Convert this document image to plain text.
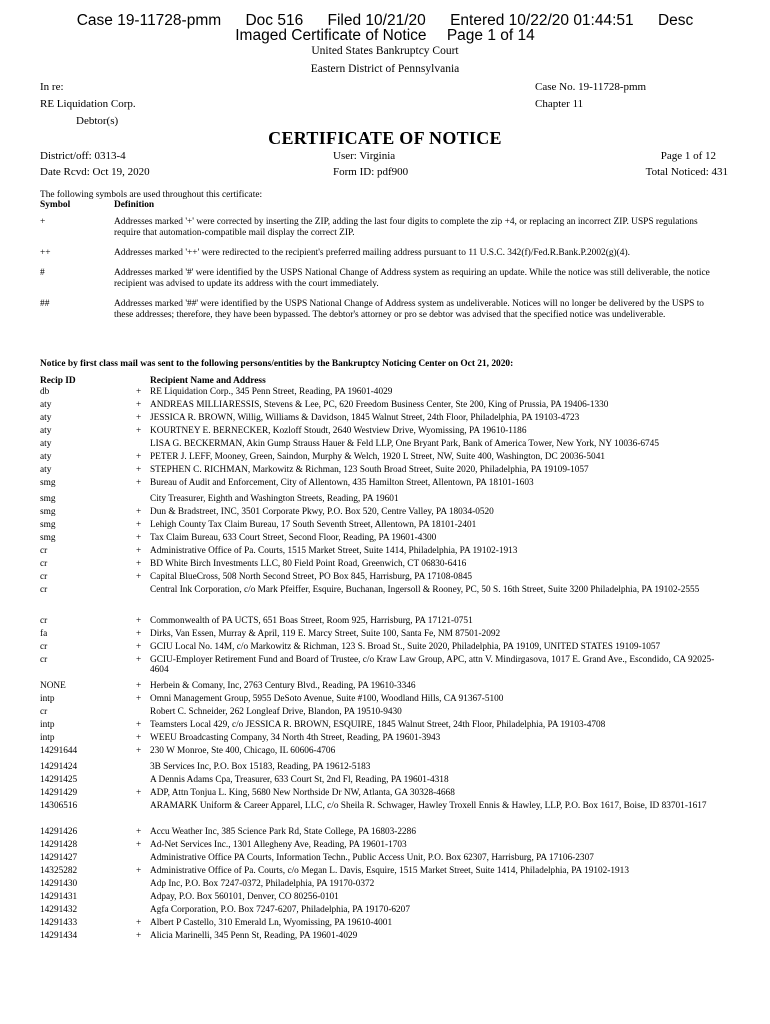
Case 19-11728-pmm Doc 516 Filed 10/21/20 Entered 10/22/20 01:44:51 Desc
Imaged Certificate of Notice Page 1 of 14
United States Bankruptcy Court
Eastern District of Pennsylvania
In re:
RE Liquidation Corp.
Debtor(s)
Case No. 19-11728-pmm
Chapter 11
CERTIFICATE OF NOTICE
District/off: 0313-4
Date Rcvd: Oct 19, 2020
User: Virginia
Form ID: pdf900
Page 1 of 12
Total Noticed: 431
The following symbols are used throughout this certificate:
Symbol	Definition
+	Addresses marked '+' were corrected by inserting the ZIP, adding the last four digits to complete the zip +4, or replacing an incorrect ZIP. USPS regulations require that automation-compatible mail display the correct ZIP.
++	Addresses marked '++' were redirected to the recipient's preferred mailing address pursuant to 11 U.S.C. 342(f)/Fed.R.Bank.P.2002(g)(4).
#	Addresses marked '#' were identified by the USPS National Change of Address system as requiring an update. While the notice was still deliverable, the notice recipient was advised to update its address with the court immediately.
##	Addresses marked '##' were identified by the USPS National Change of Address system as undeliverable. Notices will no longer be delivered by the USPS to these addresses; therefore, they have been bypassed. The debtor's attorney or pro se debtor was advised that the specified notice was undeliverable.
Notice by first class mail was sent to the following persons/entities by the Bankruptcy Noticing Center on Oct 21, 2020:
Recip ID	Recipient Name and Address
db	+ RE Liquidation Corp., 345 Penn Street, Reading, PA 19601-4029
aty	+ ANDREAS MILLIARESSIS, Stevens & Lee, PC, 620 Freedom Business Center, Ste 200, King of Prussia, PA 19406-1330
aty	+ JESSICA R. BROWN, Willig, Williams & Davidson, 1845 Walnut Street, 24th Floor, Philadelphia, PA 19103-4723
aty	+ KOURTNEY E. BERNECKER, Kozloff Stoudt, 2640 Westview Drive, Wyomissing, PA 19610-1186
aty	LISA G. BECKERMAN, Akin Gump Strauss Hauer & Feld LLP, One Bryant Park, Bank of America Tower, New York, NY 10036-6745
aty	+ PETER J. LEFF, Mooney, Green, Saindon, Murphy & Welch, 1920 L Street, NW, Suite 400, Washington, DC 20036-5041
aty	+ STEPHEN C. RICHMAN, Markowitz & Richman, 123 South Broad Street, Suite 2020, Philadelphia, PA 19109-1057
smg	+ Bureau of Audit and Enforcement, City of Allentown, 435 Hamilton Street, Allentown, PA 18101-1603
smg	City Treasurer, Eighth and Washington Streets, Reading, PA 19601
smg	+ Dun & Bradstreet, INC, 3501 Corporate Pkwy, P.O. Box 520, Centre Valley, PA 18034-0520
smg	+ Lehigh County Tax Claim Bureau, 17 South Seventh Street, Allentown, PA 18101-2401
smg	+ Tax Claim Bureau, 633 Court Street, Second Floor, Reading, PA 19601-4300
cr	+ Administrative Office of Pa. Courts, 1515 Market Street, Suite 1414, Philadelphia, PA 19102-1913
cr	+ BD White Birch Investments LLC, 80 Field Point Road, Greenwich, CT 06830-6416
cr	+ Capital BlueCross, 508 North Second Street, PO Box 845, Harrisburg, PA 17108-0845
cr	Central Ink Corporation, c/o Mark Pfeiffer, Esquire, Buchanan, Ingersoll & Rooney, PC, 50 S. 16th Street, Suite 3200 Philadelphia, PA 19102-2555
cr	+ Commonwealth of PA UCTS, 651 Boas Street, Room 925, Harrisburg, PA 17121-0751
fa	+ Dirks, Van Essen, Murray & April, 119 E. Marcy Street, Suite 100, Santa Fe, NM 87501-2092
cr	+ GCIU Local No. 14M, c/o Markowitz & Richman, 123 S. Broad St., Suite 2020, Philadelphia, PA 19109, UNITED STATES 19109-1057
cr	+ GCIU-Employer Retirement Fund and Board of Trustee, c/o Kraw Law Group, APC, attn V. Mindirgasova, 1017 E. Grand Ave., Escondido, CA 92025-4604
NONE	+ Herbein & Comany, Inc, 2763 Century Blvd., Reading, PA 19610-3346
intp	+ Omni Management Group, 5955 DeSoto Avenue, Suite #100, Woodland Hills, CA 91367-5100
cr	Robert C. Schneider, 262 Longleaf Drive, Blandon, PA 19510-9430
intp	+ Teamsters Local 429, c/o JESSICA R. BROWN, ESQUIRE, 1845 Walnut Street, 24th Floor, Philadelphia, PA 19103-4708
intp	+ WEEU Broadcasting Company, 34 North 4th Street, Reading, PA 19601-3943
14291644	+ 230 W Monroe, Ste 400, Chicago, IL 60606-4706
14291424	3B Services Inc, P.O. Box 15183, Reading, PA 19612-5183
14291425	A Dennis Adams Cpa, Treasurer, 633 Court St, 2nd Fl, Reading, PA 19601-4318
14291429	+ ADP, Attn Tonjua L. King, 5680 New Northside Dr NW, Atlanta, GA 30328-4668
14306516	ARAMARK Uniform & Career Apparel, LLC, c/o Sheila R. Schwager, Hawley Troxell Ennis & Hawley, LLP, P.O. Box 1617, Boise, ID 83701-1617
14291426	+ Accu Weather Inc, 385 Science Park Rd, State College, PA 16803-2286
14291428	+ Ad-Net Services Inc., 1301 Allegheny Ave, Reading, PA 19601-1703
14291427	Administrative Office PA Courts, Information Techn., Public Access Unit, P.O. Box 62307, Harrisburg, PA 17106-2307
14325282	+ Administrative Office of Pa. Courts, c/o Megan L. Davis, Esquire, 1515 Market Street, Suite 1414, Philadelphia, PA 19102-1913
14291430	Adp Inc, P.O. Box 7247-0372, Philadelphia, PA 19170-0372
14291431	Adpay, P.O. Box 560101, Denver, CO 80256-0101
14291432	Agfa Corporation, P.O. Box 7247-6207, Philadelphia, PA 19170-6207
14291433	+ Albert P Castello, 310 Emerald Ln, Wyomissing, PA 19610-4001
14291434	+ Alicia Marinelli, 345 Penn St, Reading, PA 19601-4029
